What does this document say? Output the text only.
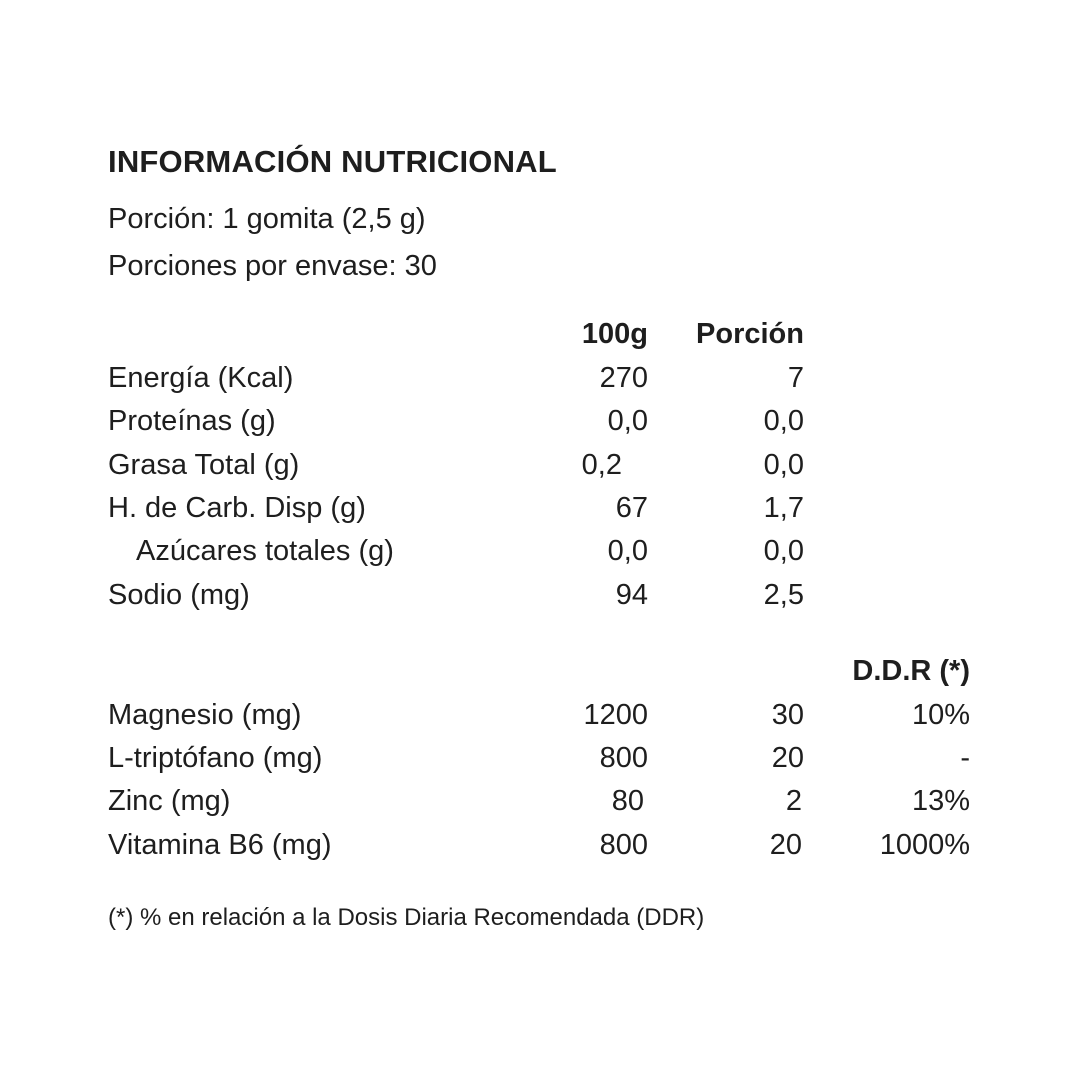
INFORMACIÓN NUTRICIONAL
Porción: 1 gomita (2,5 g)
Porciones por envase: 30
100g Porción
Energía (Kcal)	270	7
Proteínas (g)	0,0	0,0
Grasa Total (g)	0,2	0,0
H. de Carb. Disp (g)	67	1,7
Azúcares totales (g)	0,0	0,0
Sodio (mg)	94	2,5
D.D.R (*)
Magnesio (mg)	1200	30	10%
L-triptófano (mg)	800	20	-
Zinc (mg)	80	2	13%
Vitamina B6 (mg)	800	20	1000%
(*) % en relación a la Dosis Diaria Recomendada (DDR)
